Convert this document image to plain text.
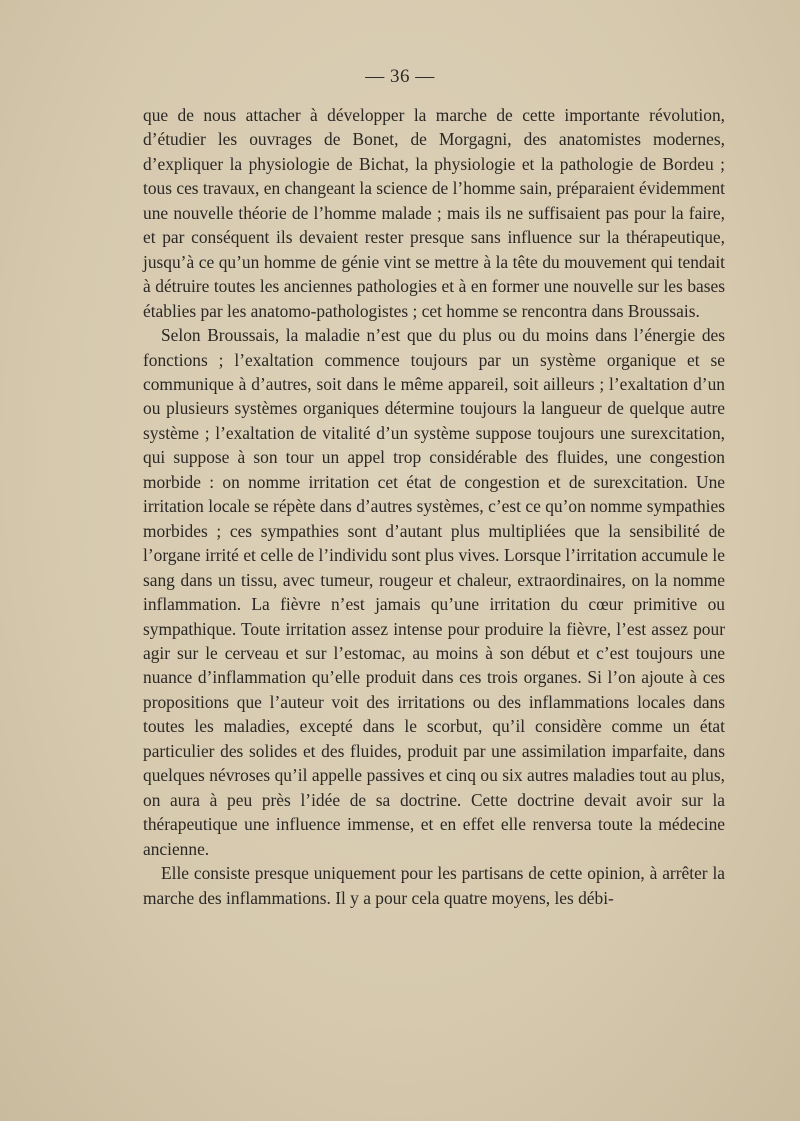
— 36 —

que de nous attacher à développer la marche de cette importante révolution, d’étudier les ouvrages de Bonet, de Morgagni, des anatomistes modernes, d’expliquer la physiologie de Bichat, la physiologie et la pathologie de Bordeu ; tous ces travaux, en changeant la science de l’homme sain, préparaient évidemment une nouvelle théorie de l’homme malade ; mais ils ne suffisaient pas pour la faire, et par conséquent ils devaient rester presque sans influence sur la thérapeutique, jusqu’à ce qu’un homme de génie vint se mettre à la tête du mouvement qui tendait à détruire toutes les anciennes pathologies et à en former une nouvelle sur les bases établies par les anatomo-pathologistes ; cet homme se rencontra dans Broussais.

Selon Broussais, la maladie n’est que du plus ou du moins dans l’énergie des fonctions ; l’exaltation commence toujours par un système organique et se communique à d’autres, soit dans le même appareil, soit ailleurs ; l’exaltation d’un ou plusieurs systèmes organiques détermine toujours la langueur de quelque autre système ; l’exaltation de vitalité d’un système suppose toujours une surexcitation, qui suppose à son tour un appel trop considérable des fluides, une congestion morbide : on nomme irritation cet état de congestion et de surexcitation. Une irritation locale se répète dans d’autres systèmes, c’est ce qu’on nomme sympathies morbides ; ces sympathies sont d’autant plus multipliées que la sensibilité de l’organe irrité et celle de l’individu sont plus vives. Lorsque l’irritation accumule le sang dans un tissu, avec tumeur, rougeur et chaleur, extraordinaires, on la nomme inflammation. La fièvre n’est jamais qu’une irritation du cœur primitive ou sympathique. Toute irritation assez intense pour produire la fièvre, l’est assez pour agir sur le cerveau et sur l’estomac, au moins à son début et c’est toujours une nuance d’inflammation qu’elle produit dans ces trois organes. Si l’on ajoute à ces propositions que l’auteur voit des irritations ou des inflammations locales dans toutes les maladies, excepté dans le scorbut, qu’il considère comme un état particulier des solides et des fluides, produit par une assimilation imparfaite, dans quelques névroses qu’il appelle passives et cinq ou six autres maladies tout au plus, on aura à peu près l’idée de sa doctrine. Cette doctrine devait avoir sur la thérapeutique une influence immense, et en effet elle renversa toute la médecine ancienne.

Elle consiste presque uniquement pour les partisans de cette opinion, à arrêter la marche des inflammations. Il y a pour cela quatre moyens, les débi-
